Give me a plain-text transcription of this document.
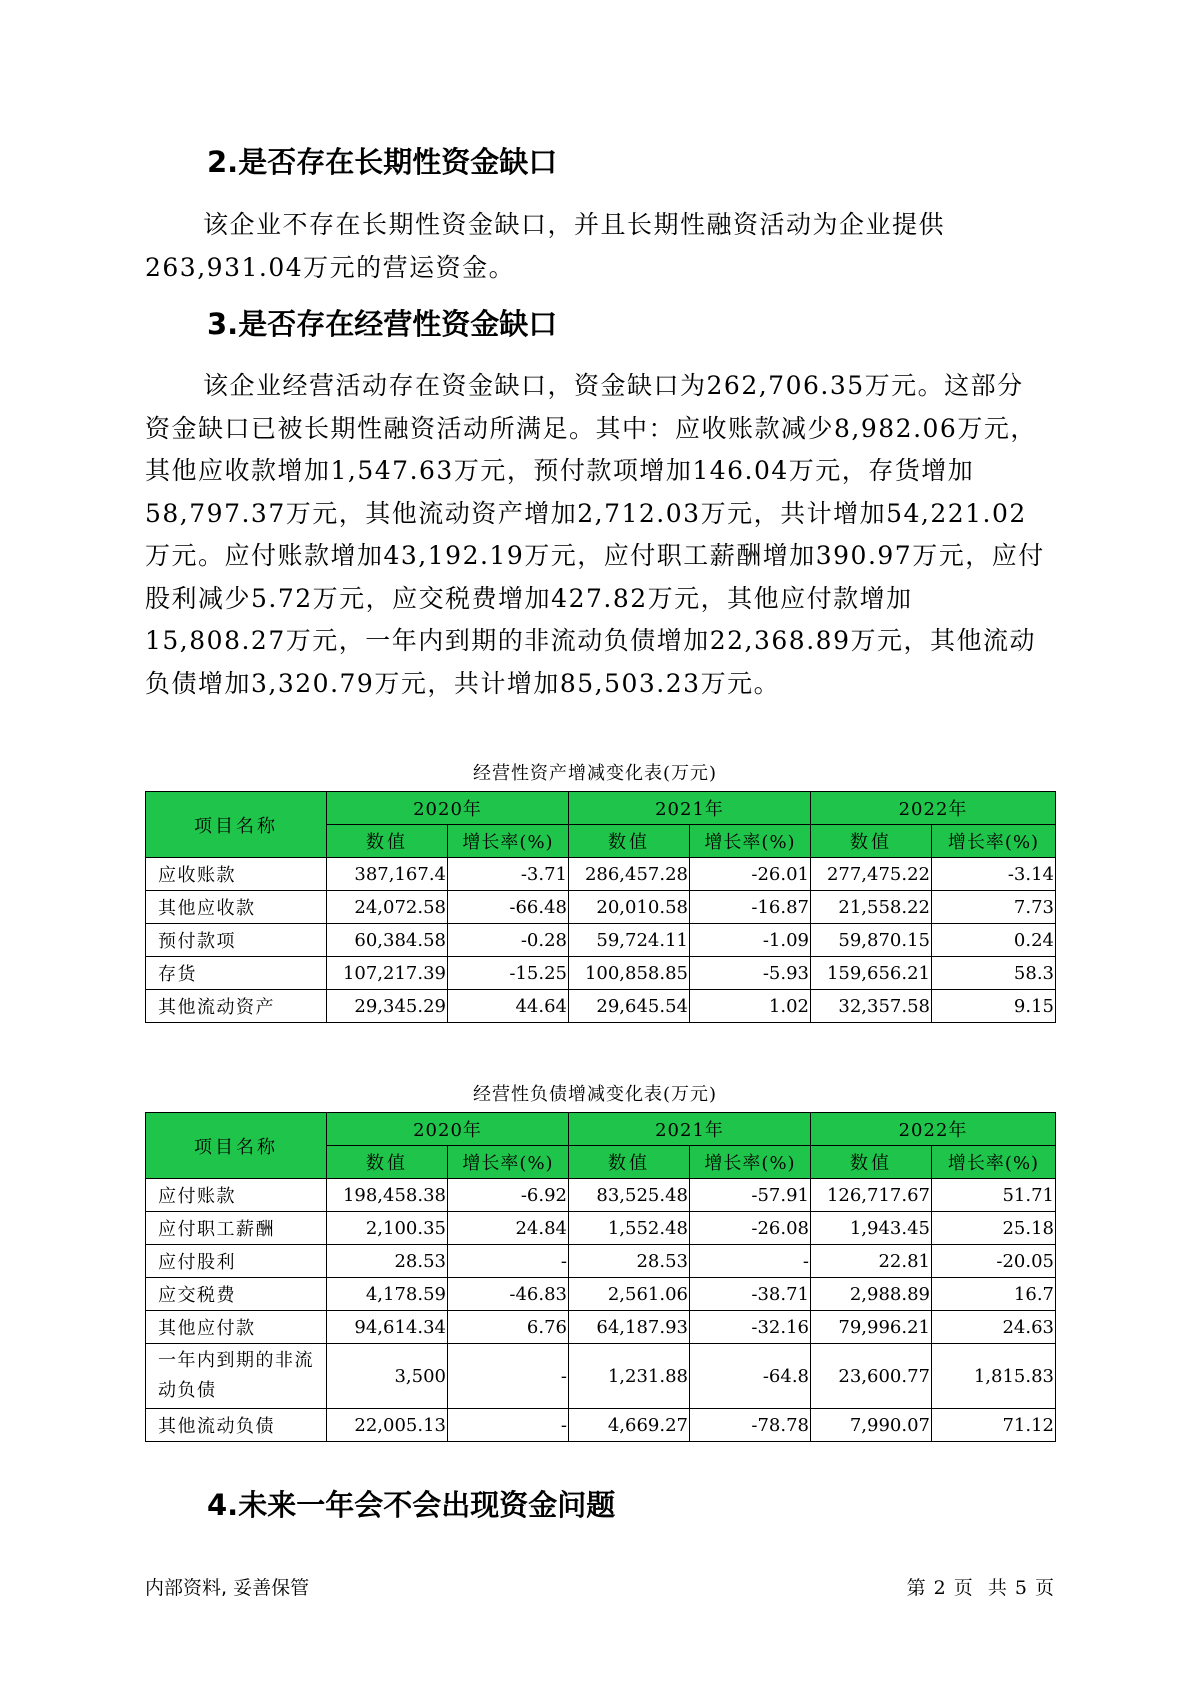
2.是否存在长期性资金缺口

该企业不存在长期性资金缺口，并且长期性融资活动为企业提供263,931.04万元的营运资金。

3.是否存在经营性资金缺口

该企业经营活动存在资金缺口，资金缺口为262,706.35万元。这部分资金缺口已被长期性融资活动所满足。其中：应收账款减少8,982.06万元，其他应收款增加1,547.63万元，预付款项增加146.04万元，存货增加58,797.37万元，其他流动资产增加2,712.03万元，共计增加54,221.02万元。应付账款增加43,192.19万元，应付职工薪酬增加390.97万元，应付股利减少5.72万元，应交税费增加427.82万元，其他应付款增加15,808.27万元，一年内到期的非流动负债增加22,368.89万元，其他流动负债增加3,320.79万元，共计增加85,503.23万元。

经营性资产增减变化表(万元)
项目名称	2020年		2021年		2022年	
	数值	增长率(%)	数值	增长率(%)	数值	增长率(%)
应收账款	387,167.4	-3.71	286,457.28	-26.01	277,475.22	-3.14
其他应收款	24,072.58	-66.48	20,010.58	-16.87	21,558.22	7.73
预付款项	60,384.58	-0.28	59,724.11	-1.09	59,870.15	0.24
存货	107,217.39	-15.25	100,858.85	-5.93	159,656.21	58.3
其他流动资产	29,345.29	44.64	29,645.54	1.02	32,357.58	9.15
经营性负债增减变化表(万元)
项目名称	2020年		2021年		2022年	
	数值	增长率(%)	数值	增长率(%)	数值	增长率(%)
应付账款	198,458.38	-6.92	83,525.48	-57.91	126,717.67	51.71
应付职工薪酬	2,100.35	24.84	1,552.48	-26.08	1,943.45	25.18
应付股利	28.53	-	28.53	-	22.81	-20.05
应交税费	4,178.59	-46.83	2,561.06	-38.71	2,988.89	16.7
其他应付款	94,614.34	6.76	64,187.93	-32.16	79,996.21	24.63
一年内到期的非流动负债	3,500	-	1,231.88	-64.8	23,600.77	1,815.83
其他流动负债	22,005.13	-	4,669.27	-78.78	7,990.07	71.12
4.未来一年会不会出现资金问题
内部资料, 妥善保管	第 2 页  共 5 页
